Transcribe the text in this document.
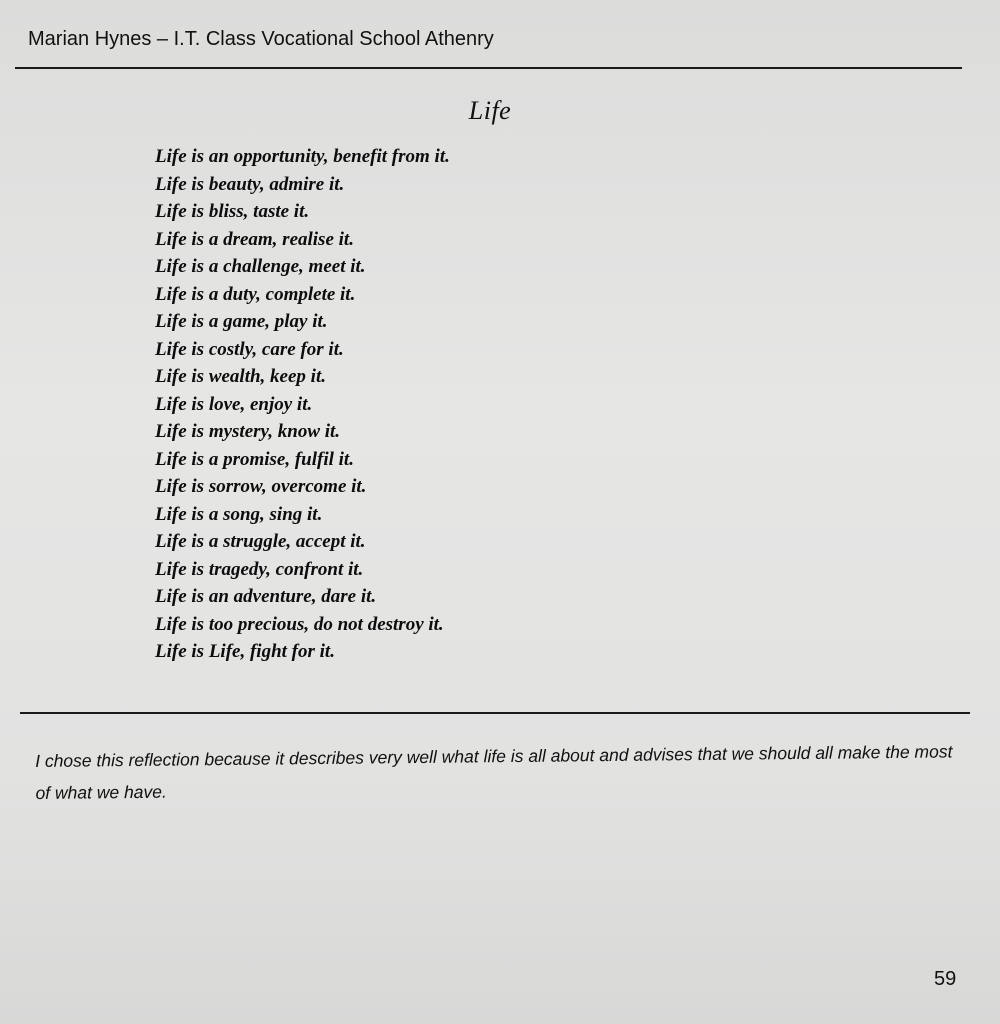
Marian Hynes – I.T. Class Vocational School Athenry
Life
Life is an opportunity, benefit from it.
Life is beauty, admire it.
Life is bliss, taste it.
Life is a dream, realise it.
Life is a challenge, meet it.
Life is a duty, complete it.
Life is a game, play it.
Life is costly, care for it.
Life is wealth, keep it.
Life is love, enjoy it.
Life is mystery, know it.
Life is a promise, fulfil it.
Life is sorrow, overcome it.
Life is a song, sing it.
Life is a struggle, accept it.
Life is tragedy, confront it.
Life is an adventure, dare it.
Life is too precious, do not destroy it.
Life is Life, fight for it.
I chose this reflection because it describes very well what life is all about and advises that we should all make the most of what we have.
59
